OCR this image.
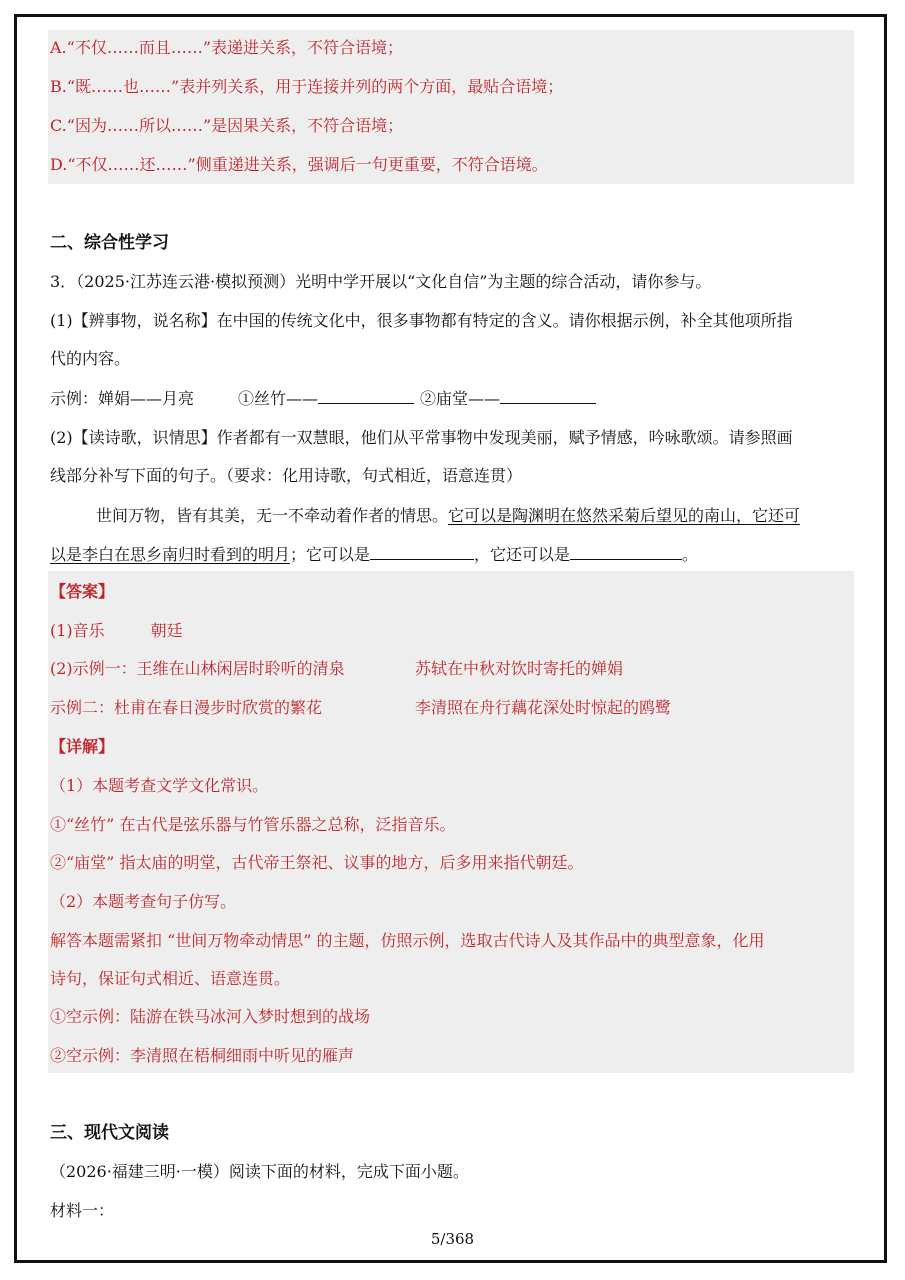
A.“不仅……而且……”表递进关系，不符合语境；
B.“既……也……”表并列关系，用于连接并列的两个方面，最贴合语境；
C.“因为……所以……”是因果关系，不符合语境；
D.“不仅……还……”侧重递进关系，强调后一句更重要，不符合语境。
二、综合性学习
3．（2025·江苏连云港·模拟预测）光明中学开展以“文化自信”为主题的综合活动，请你参与。
(1)【辨事物，说名称】在中国的传统文化中，很多事物都有特定的含义。请你根据示例，补全其他项所指
代的内容。
示例：婵娟——月亮	①丝竹——	②庙堂——
(2)【读诗歌，识情思】作者都有一双慧眼，他们从平常事物中发现美丽，赋予情感，吟咏歌颂。请参照画
线部分补写下面的句子。（要求：化用诗歌，句式相近，语意连贯）
世间万物，皆有其美，无一不牵动着作者的情思。它可以是陶渊明在悠然采菊后望见的南山，它还可
以是李白在思乡南归时看到的明月；它可以是	，它还可以是	。
【答案】
(1)音乐	朝廷
(2)示例一：王维在山林闲居时聆听的清泉	苏轼在中秋对饮时寄托的婵娟
示例二：杜甫在春日漫步时欣赏的繁花	李清照在舟行藕花深处时惊起的鸥鹭
【详解】
（1）本题考查文学文化常识。
①“丝竹” 在古代是弦乐器与竹管乐器之总称，泛指音乐。
②“庙堂” 指太庙的明堂，古代帝王祭祀、议事的地方，后多用来指代朝廷。
（2）本题考查句子仿写。
解答本题需紧扣 “世间万物牵动情思” 的主题，仿照示例，选取古代诗人及其作品中的典型意象，化用
诗句，保证句式相近、语意连贯。
①空示例：陆游在铁马冰河入梦时想到的战场
②空示例：李清照在梧桐细雨中听见的雁声
三、现代文阅读
（2026·福建三明·一模）阅读下面的材料，完成下面小题。
材料一：
5/368
